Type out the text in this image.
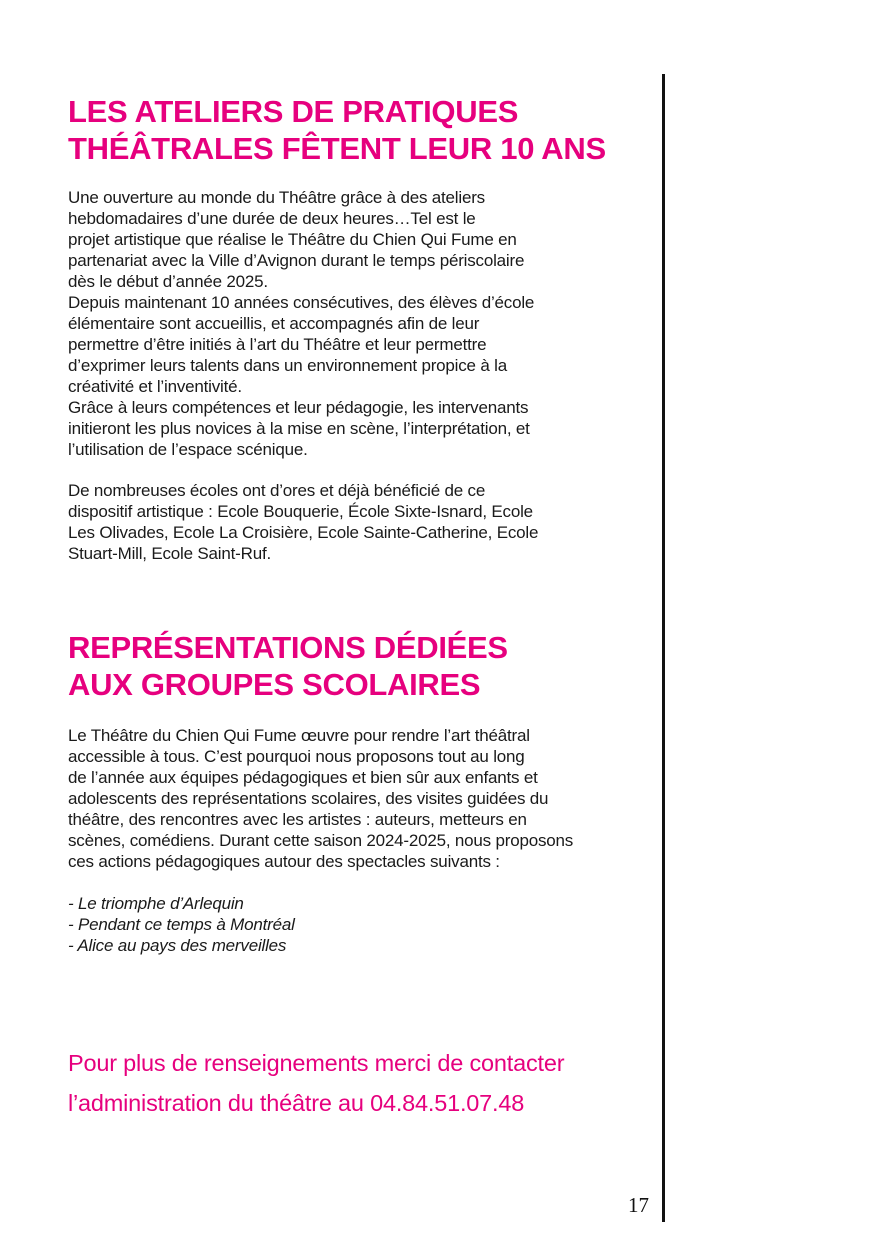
LES ATELIERS DE PRATIQUES
THÉÂTRALES FÊTENT LEUR 10 ANS
Une ouverture au monde du Théâtre grâce à des ateliers
hebdomadaires d’une durée de deux heures…Tel est le
projet artistique que réalise le Théâtre du Chien Qui Fume en
partenariat avec la Ville d’Avignon durant le temps périscolaire
dès le début d’année 2025.
Depuis maintenant 10 années consécutives, des élèves d’école
élémentaire sont accueillis, et accompagnés afin de leur
permettre d’être initiés à l’art du Théâtre et leur permettre
d’exprimer leurs talents dans un environnement propice à la
créativité et l’inventivité.
Grâce à leurs compétences et leur pédagogie, les intervenants
initieront les plus novices à la mise en scène, l’interprétation, et
l’utilisation de l’espace scénique.
De nombreuses écoles ont d’ores et déjà bénéficié de ce
dispositif artistique : Ecole Bouquerie, École Sixte-Isnard, Ecole
Les Olivades, Ecole La Croisière, Ecole Sainte-Catherine, Ecole
Stuart-Mill, Ecole Saint-Ruf.
REPRÉSENTATIONS DÉDIÉES
AUX GROUPES SCOLAIRES
Le Théâtre du Chien Qui Fume œuvre pour rendre l’art théâtral
accessible à tous. C’est pourquoi nous proposons tout au long
de l’année aux équipes pédagogiques et bien sûr aux enfants et
adolescents des représentations scolaires, des visites guidées du
théâtre, des rencontres avec les artistes : auteurs, metteurs en
scènes, comédiens. Durant cette saison 2024-2025, nous proposons
ces actions pédagogiques autour des spectacles suivants :
- Le triomphe d’Arlequin
- Pendant ce temps à Montréal
- Alice au pays des merveilles
Pour plus de renseignements merci de contacter
l’administration du théâtre au 04.84.51.07.48
17
